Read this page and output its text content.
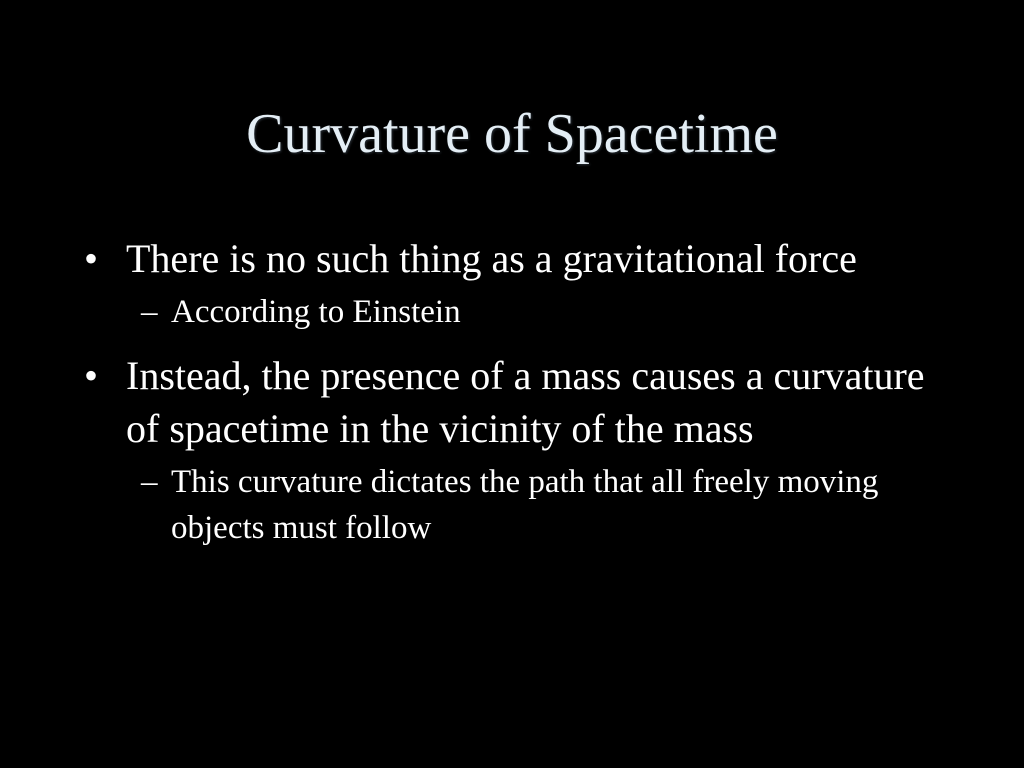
Curvature of Spacetime
• There is no such thing as a gravitational force
– According to Einstein
• Instead, the presence of a mass causes a curvature of spacetime in the vicinity of the mass
– This curvature dictates the path that all freely moving objects must follow
